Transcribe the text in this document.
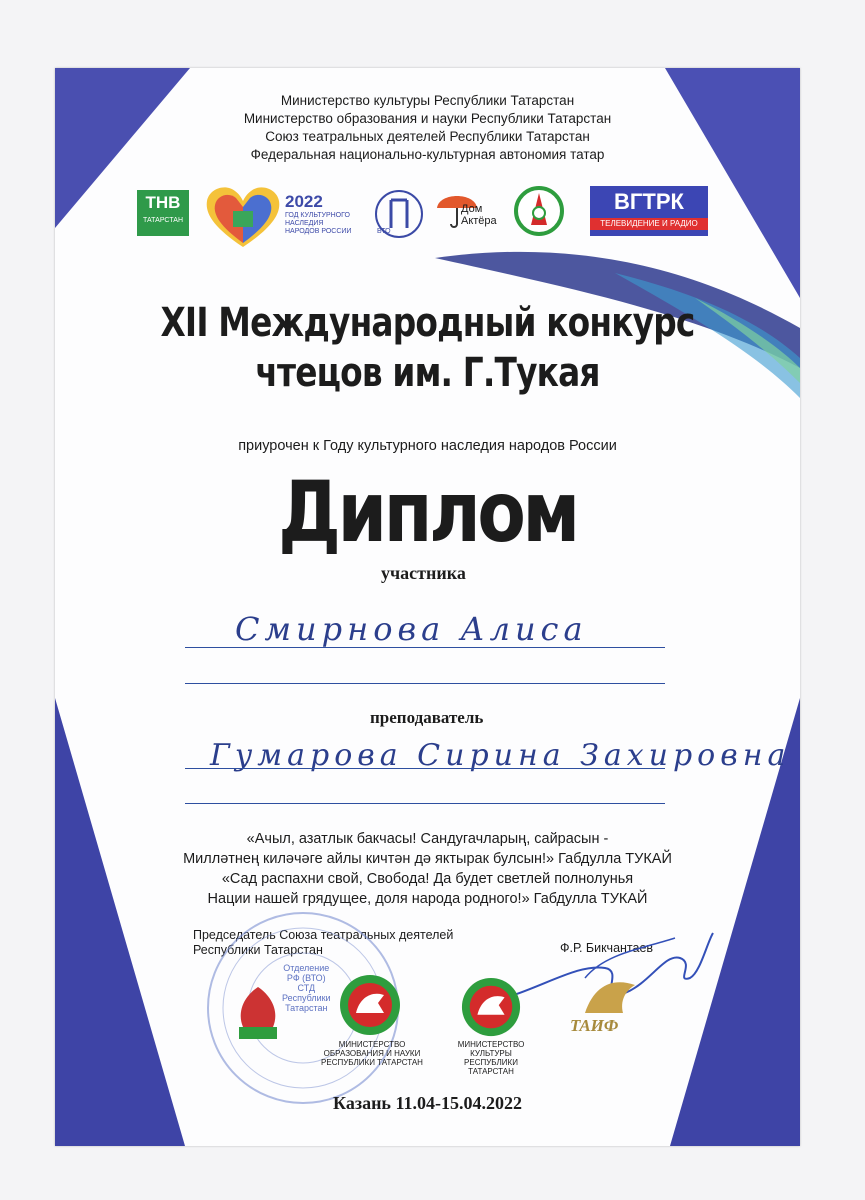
Министерство культуры Республики Татарстан
Министерство образования и науки Республики Татарстан
Союз театральных деятелей Республики Татарстан
Федеральная национально-культурная автономия татар
ТНВ
ТАТАРСТАН
2022
ГОД КУЛЬТУРНОГО НАСЛЕДИЯ НАРОДОВ РОССИИ	ВТО
Дом Актёра
ВГТРК
ТЕЛЕВИДЕНИЕ И РАДИО
XII Международный конкурс
чтецов им. Г.Тукая
приурочен к Году культурного наследия народов России
Диплом
участника
Смирнова Алиса
преподаватель
Гумарова Сирина Захировна
«Ачыл, азатлык бакчасы! Сандугачларың, сайрасын -
Милләтнең киләчәге айлы кичтән дә яктырак булсын!» Габдулла ТУКАЙ
«Сад распахни свой, Свобода! Да будет светлей полнолунья
Нации нашей грядущее, доля народа родного!» Габдулла ТУКАЙ
Председатель Союза театральных деятелей
Республики Татарстан	Ф.Р. Бикчантаев
Отделение
РФ (ВТО)
СТД
Республики
Татарстан
МИНИСТЕРСТВО
ОБРАЗОВАНИЯ И НАУКИ
РЕСПУБЛИКИ ТАТАРСТАН
МИНИСТЕРСТВО
КУЛЬТУРЫ
РЕСПУБЛИКИ ТАТАРСТАН
ТАИФ
Казань 11.04-15.04.2022
